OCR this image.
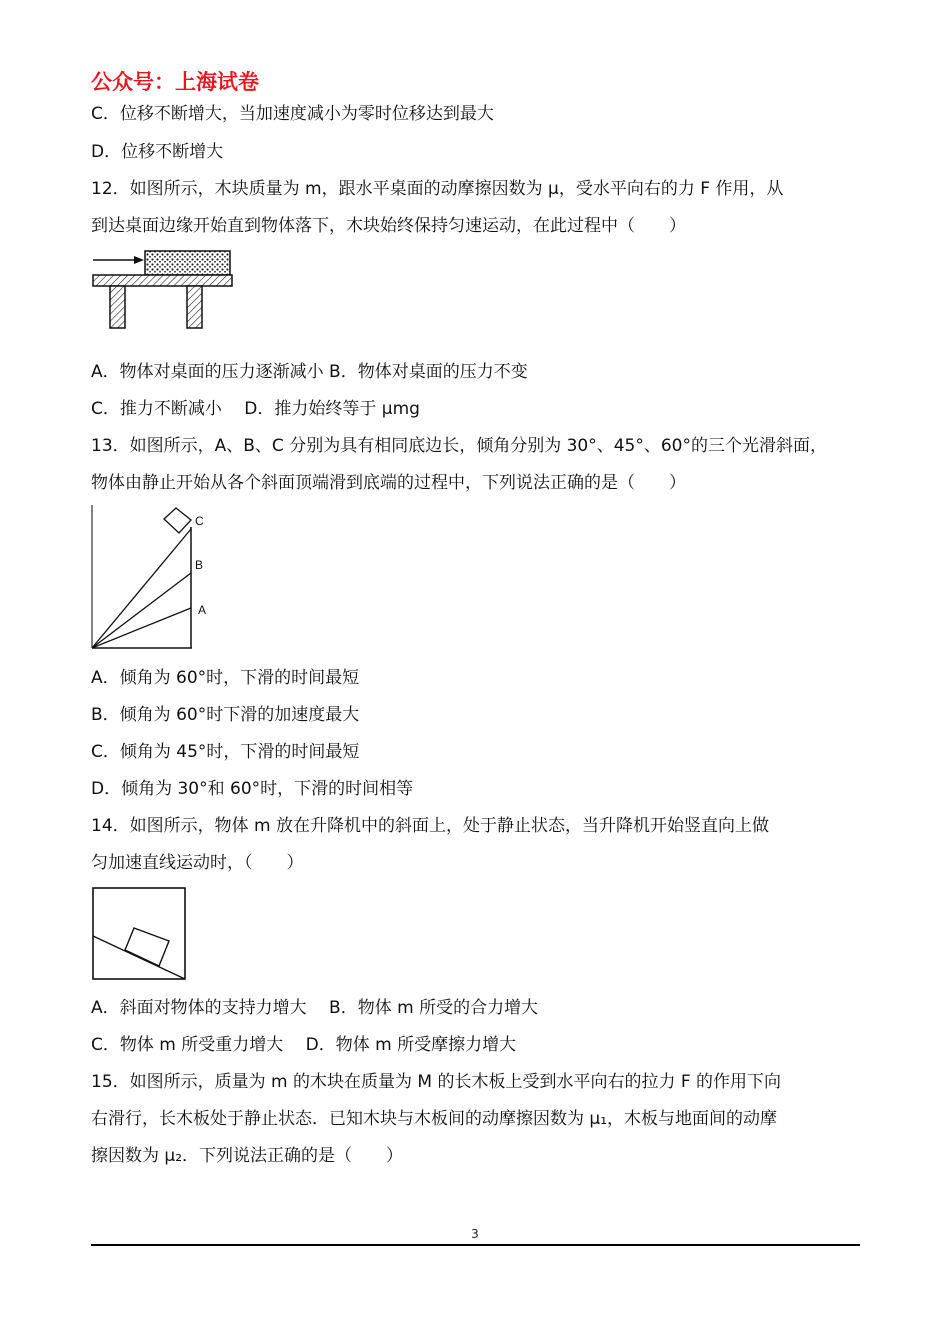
公众号：上海试卷
C．位移不断增大，当加速度减小为零时位移达到最大
D．位移不断增大
12．如图所示，木块质量为 m，跟水平桌面的动摩擦因数为 μ，受水平向右的力 F 作用，从
到达桌面边缘开始直到物体落下，木块始终保持匀速运动，在此过程中（　　）
A．物体对桌面的压力逐渐减小 B．物体对桌面的压力不变
C．推力不断减小　 D．推力始终等于 μmg
13．如图所示，A、B、C 分别为具有相同底边长，倾角分别为 30°、45°、60°的三个光滑斜面，
物体由静止开始从各个斜面顶端滑到底端的过程中，下列说法正确的是（　　）
C
B
A
A．倾角为 60°时，下滑的时间最短
B．倾角为 60°时下滑的加速度最大
C．倾角为 45°时，下滑的时间最短
D．倾角为 30°和 60°时，下滑的时间相等
14．如图所示，物体 m 放在升降机中的斜面上，处于静止状态，当升降机开始竖直向上做
匀加速直线运动时，（　　）
A．斜面对物体的支持力增大　 B．物体 m 所受的合力增大
C．物体 m 所受重力增大　 D．物体 m 所受摩擦力增大
15．如图所示，质量为 m 的木块在质量为 M 的长木板上受到水平向右的拉力 F 的作用下向
右滑行，长木板处于静止状态．已知木块与木板间的动摩擦因数为 μ₁，木板与地面间的动摩
擦因数为 μ₂．下列说法正确的是（　　）
3
